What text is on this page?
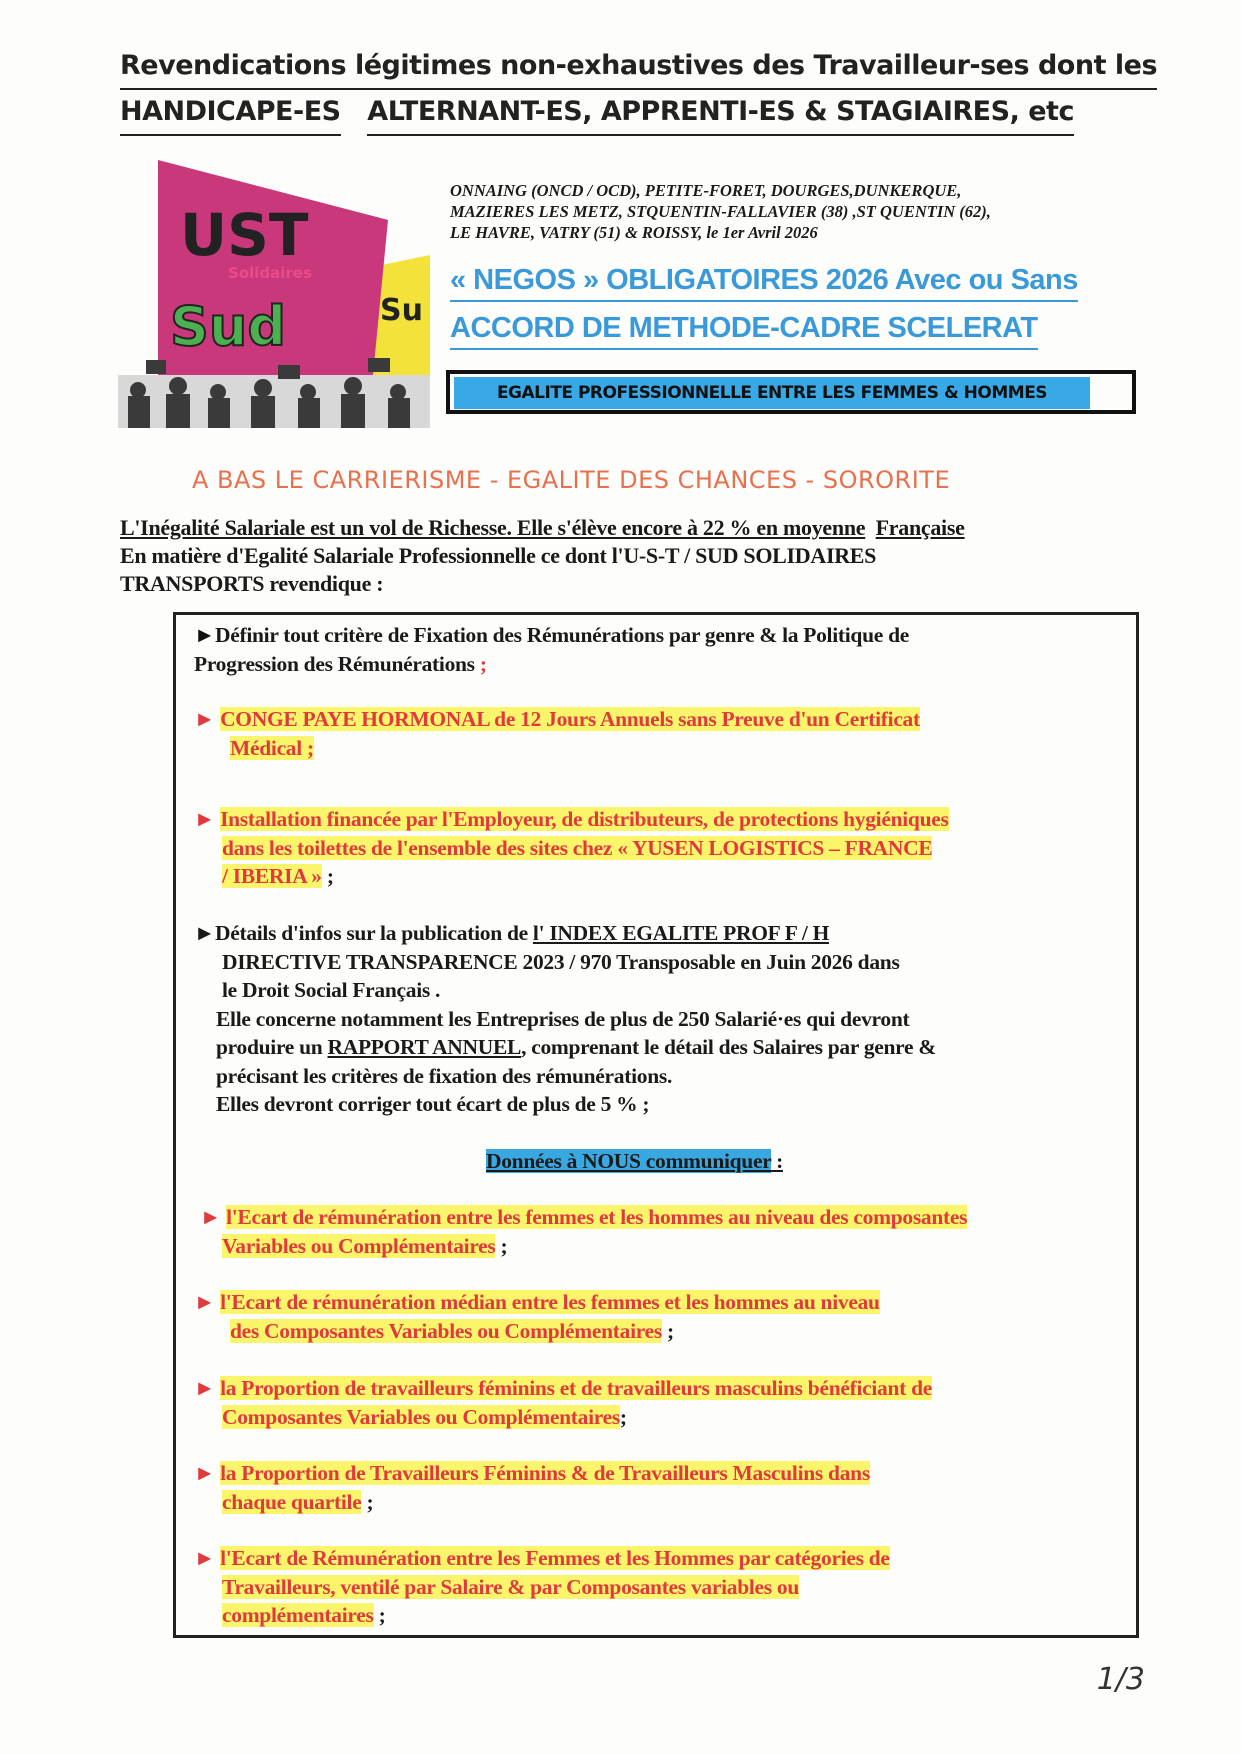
Revendications légitimes non-exhaustives des Travailleur-ses dont les
HANDICAPE-ES ALTERNANT-ES, APPRENTI-ES & STAGIAIRES, etc
UST
Solidaires
Sud	Su
ONNAING (ONCD / OCD), PETITE-FORET, DOURGES,DUNKERQUE,
MAZIERES LES METZ, STQUENTIN-FALLAVIER (38) ,ST QUENTIN (62),
LE HAVRE, VATRY (51) & ROISSY, le 1er Avril 2026
« NEGOS » OBLIGATOIRES 2026 Avec ou Sans
ACCORD DE METHODE-CADRE SCELERAT
EGALITE PROFESSIONNELLE ENTRE LES FEMMES & HOMMES
A BAS LE CARRIERISME - EGALITE DES CHANCES - SORORITE
L'Inégalité Salariale est un vol de Richesse. Elle s'élève encore à 22 % en moyenne Française
En matière d'Egalité Salariale Professionnelle ce dont l'U-S-T / SUD SOLIDAIRES
TRANSPORTS revendique :
►Définir tout critère de Fixation des Rémunérations par genre & la Politique de
Progression des Rémunérations ;
► CONGE PAYE HORMONAL de 12 Jours Annuels sans Preuve d'un Certificat
Médical ;
► Installation financée par l'Employeur, de distributeurs, de protections hygiéniques
dans les toilettes de l'ensemble des sites chez « YUSEN LOGISTICS – FRANCE
/ IBERIA » ;
►Détails d'infos sur la publication de l' INDEX EGALITE PROF F / H
DIRECTIVE TRANSPARENCE 2023 / 970 Transposable en Juin 2026 dans
le Droit Social Français .
Elle concerne notamment les Entreprises de plus de 250 Salarié·es qui devront
produire un RAPPORT ANNUEL, comprenant le détail des Salaires par genre &
précisant les critères de fixation des rémunérations.
Elles devront corriger tout écart de plus de 5 % ;
Données à NOUS communiquer :
► l'Ecart de rémunération entre les femmes et les hommes au niveau des composantes
Variables ou Complémentaires ;
► l'Ecart de rémunération médian entre les femmes et les hommes au niveau
des Composantes Variables ou Complémentaires ;
► la Proportion de travailleurs féminins et de travailleurs masculins bénéficiant de
Composantes Variables ou Complémentaires;
► la Proportion de Travailleurs Féminins & de Travailleurs Masculins dans
chaque quartile ;
► l'Ecart de Rémunération entre les Femmes et les Hommes par catégories de
Travailleurs, ventilé par Salaire & par Composantes variables ou
complémentaires ;
1/3
